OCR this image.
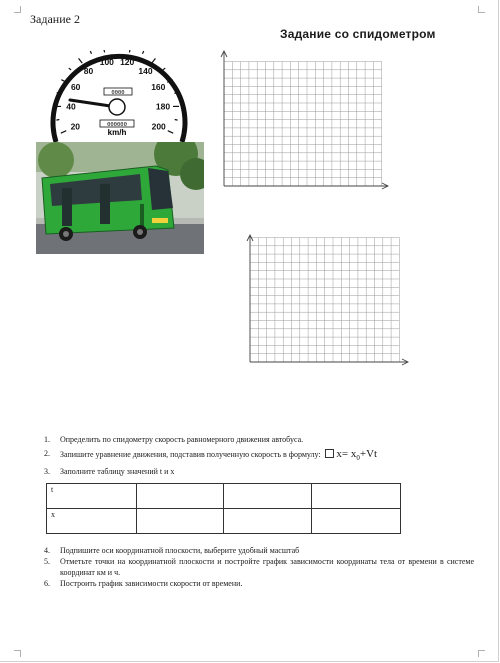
Задание 2
Задание со спидометром
20
40
60
80
100 120
140
160
180
200
0000
000000
km/h
1.	Определить по спидометру скорость равномерного движения автобуса.
2.	Запишите уравнение движения, подставив полученную скорость в формулу: $x= x_0+Vt$
3.	Заполните таблицу значений t и x
t			
x			
4.	Подпишите оси координатной плоскости, выберите удобный масштаб
5.	Отметьте точки на координатной плоскости и постройте график зависимости координаты тела от времени в системе координат км и ч.
6.	Построить график зависимости скорости от времени.
